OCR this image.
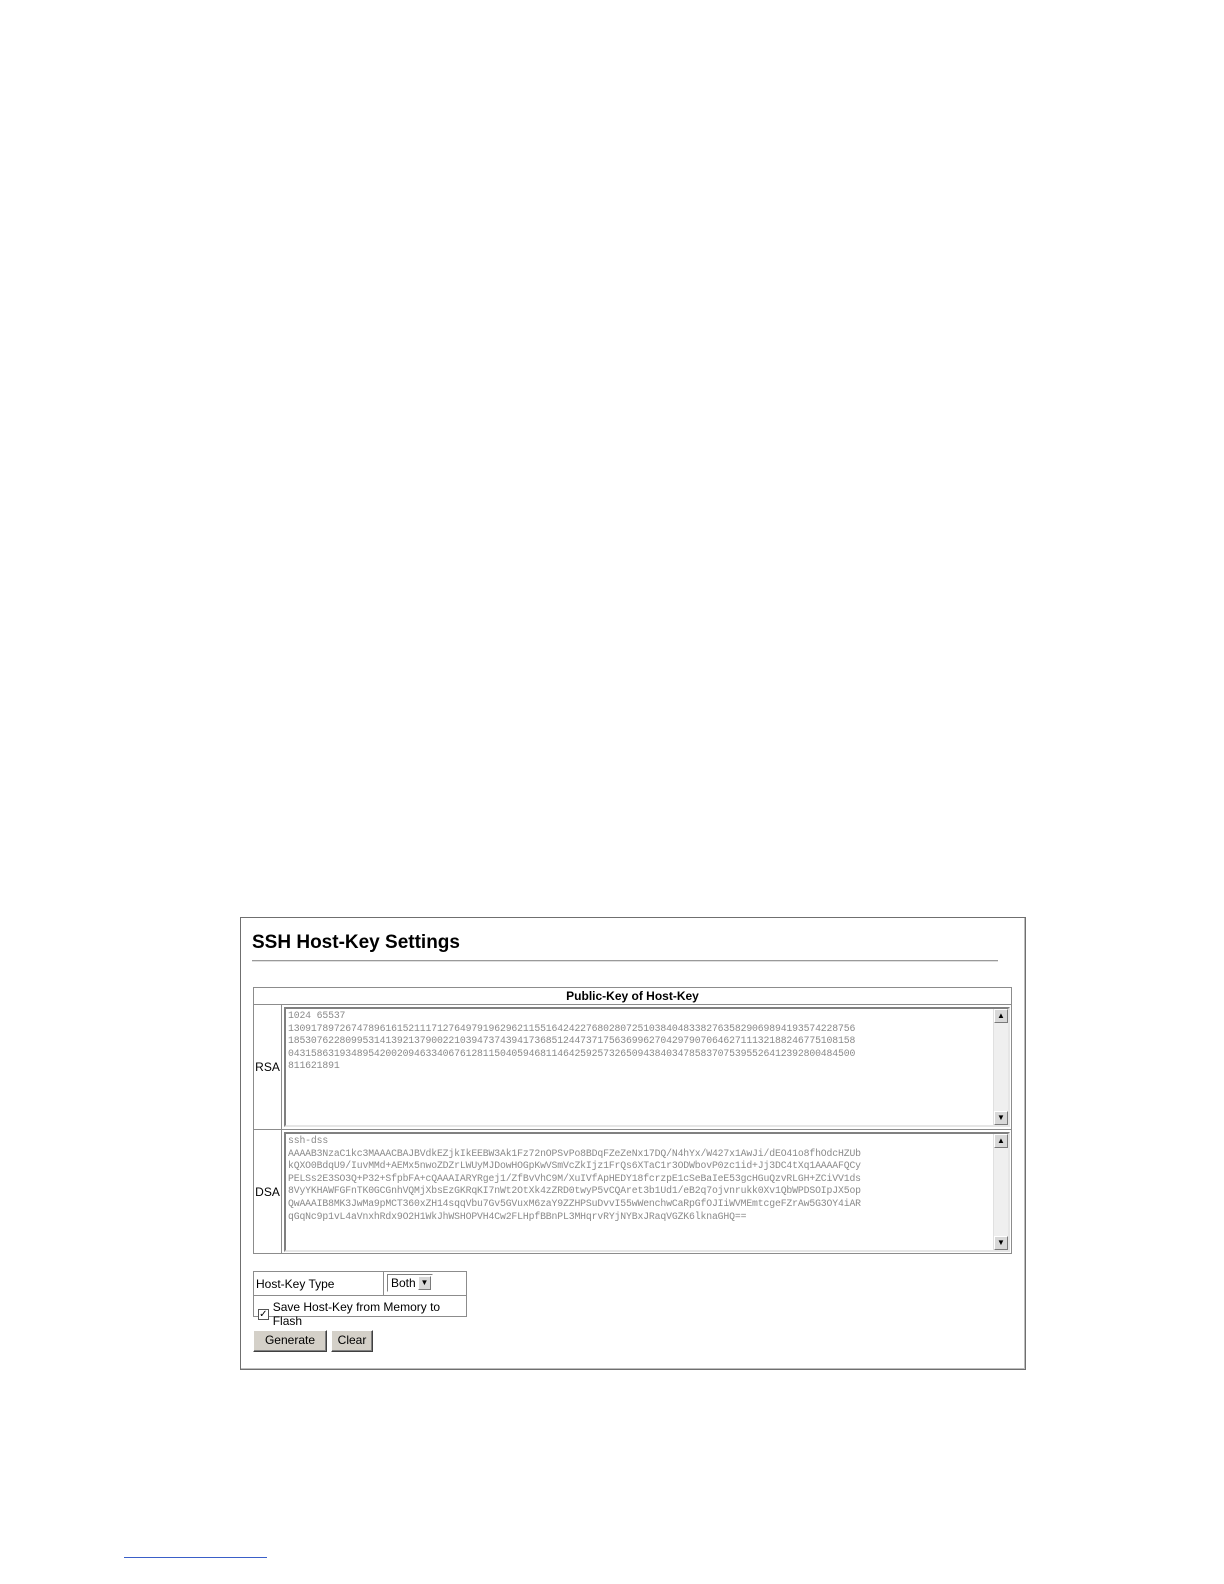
SSH Host-Key Settings
Public-Key of Host-Key
RSA
1024 65537
130917897267478961615211171276497919629621155164242276802807251038404833827635829069894193574228756
185307622809953141392137900221039473743941736851244737175636996270429790706462711132188246775108158
043158631934895420020946334067612811504059468114642592573265094384034785837075395526412392800484500
811621891
▲
▼
DSA
ssh-dss
AAAAB3NzaC1kc3MAAACBAJBVdkEZjkIkEEBW3Ak1Fz72nOPSvPo8BDqFZeZeNx17DQ/N4hYx/W427x1AwJi/dEO41o8fhOdcHZUb
kQXO0BdqU9/IuvMMd+AEMx5nwoZDZrLWUyMJDowHOGpKwVSmVcZkIjz1FrQs6XTaC1r3ODWbovP0zc1id+Jj3DC4tXq1AAAAFQCy
PELSs2E3SO3Q+P32+SfpbFA+cQAAAIARYRgej1/ZfBvVhC9M/XuIVfApHEDY18fcrzpE1cSeBaIeE53gcHGuQzvRLGH+ZCiVV1ds
8VyYKHAWFGFnTK0GCGnhVQMjXbsEzGKRqKI7nWt2OtXk4zZRD0twyP5vCQAret3b1Ud1/eB2q7ojvnrukk0Xv1QbWPDSOIpJX5op
QwAAAIB8MK3JwMa9pMCT360xZH14sqqVbu7Gv5GVuxM6zaY9ZZHPSuDvvI55wWenchwCaRpGfOJIiWVMEmtcgeFZrAw5G3OY4iAR
qGqNc9p1vL4aVnxhRdx9O2H1WkJhWSHOPVH4Cw2FLHpfBBnPL3MHqrvRYjNYBxJRaqVGZK6lknaGHQ==
▲
▼
Host-Key Type	Both ▼
✓ Save Host-Key from Memory to Flash
Generate	Clear
